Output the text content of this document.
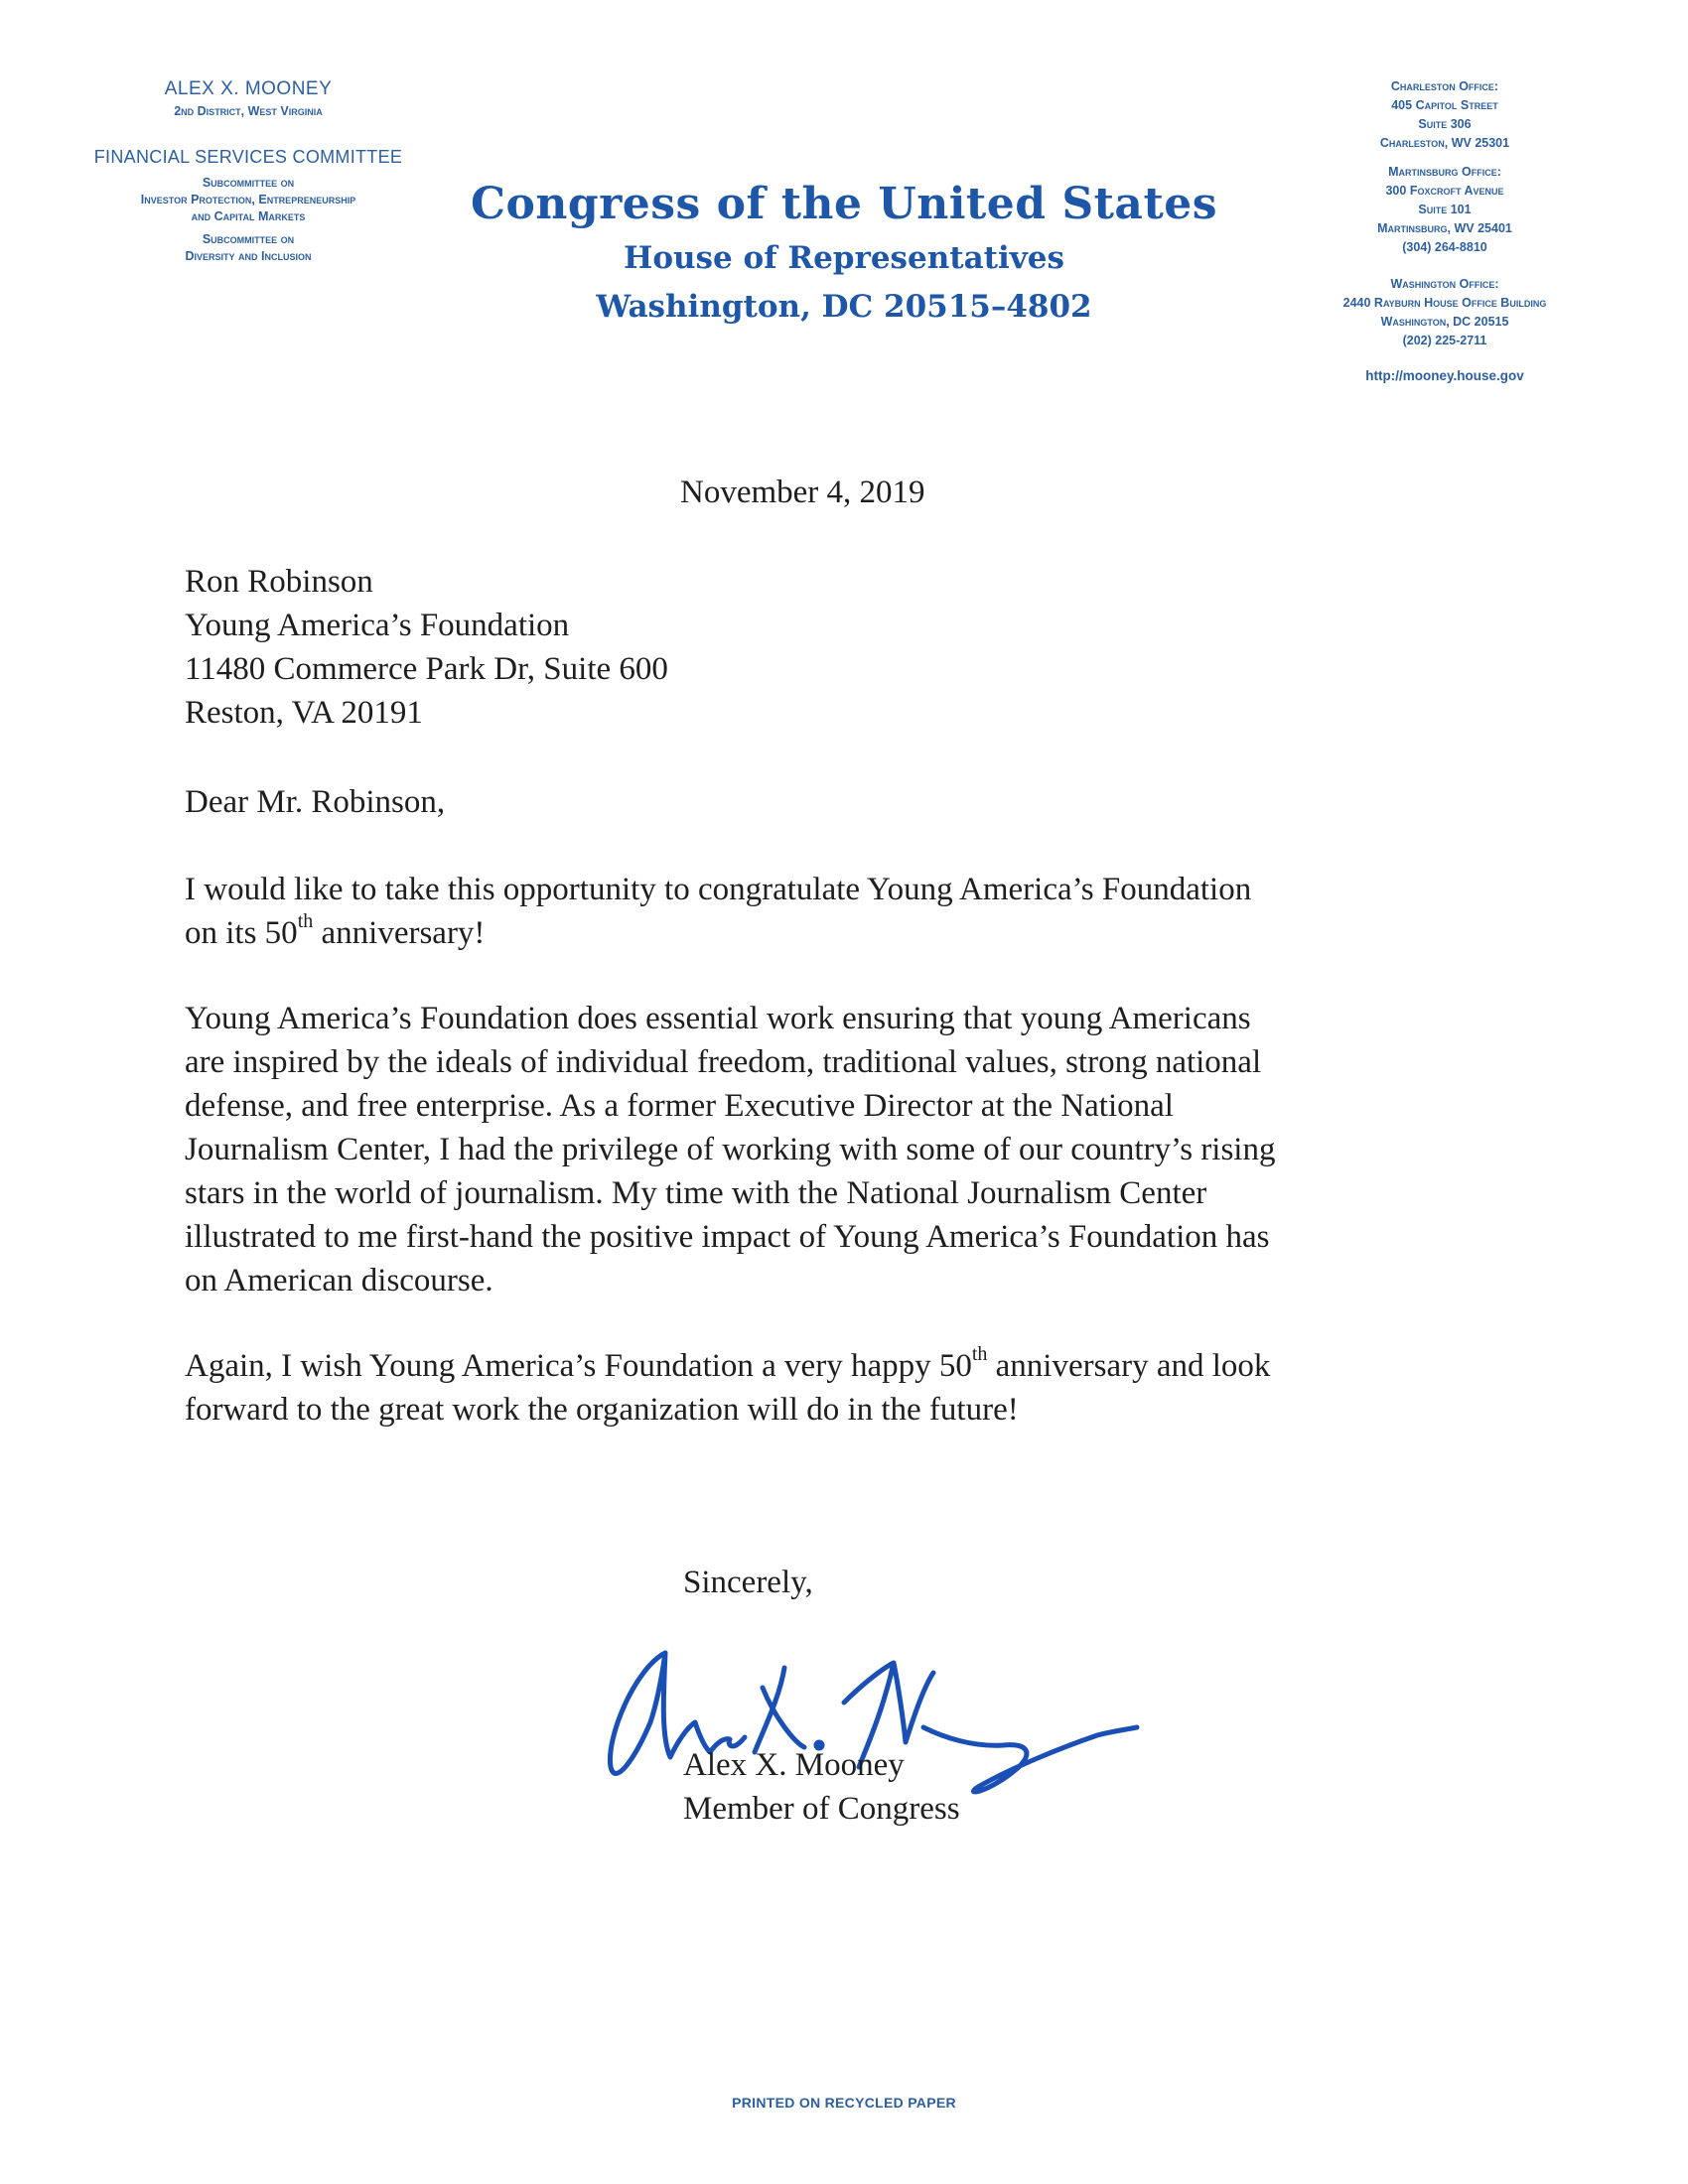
ALEX X. MOONEY
2nd District, West Virginia
FINANCIAL SERVICES COMMITTEE
Subcommittee on
Investor Protection, Entrepreneurship
and Capital Markets
Subcommittee on
Diversity and Inclusion
Congress of the United States
House of Representatives
Washington, DC 20515–4802
Charleston Office:
405 Capitol Street
Suite 306
Charleston, WV 25301
Martinsburg Office:
300 Foxcroft Avenue
Suite 101
Martinsburg, WV 25401
(304) 264-8810
Washington Office:
2440 Rayburn House Office Building
Washington, DC 20515
(202) 225-2711
http://mooney.house.gov
November 4, 2019
Ron Robinson
Young America’s Foundation
11480 Commerce Park Dr, Suite 600
Reston, VA 20191
Dear Mr. Robinson,
I would like to take this opportunity to congratulate Young America’s Foundation
on its 50th anniversary!
Young America’s Foundation does essential work ensuring that young Americans
are inspired by the ideals of individual freedom, traditional values, strong national
defense, and free enterprise. As a former Executive Director at the National
Journalism Center, I had the privilege of working with some of our country’s rising
stars in the world of journalism. My time with the National Journalism Center
illustrated to me first-hand the positive impact of Young America’s Foundation has
on American discourse.
Again, I wish Young America’s Foundation a very happy 50th anniversary and look
forward to the great work the organization will do in the future!
Sincerely,
Alex X. Mooney
Member of Congress
PRINTED ON RECYCLED PAPER
